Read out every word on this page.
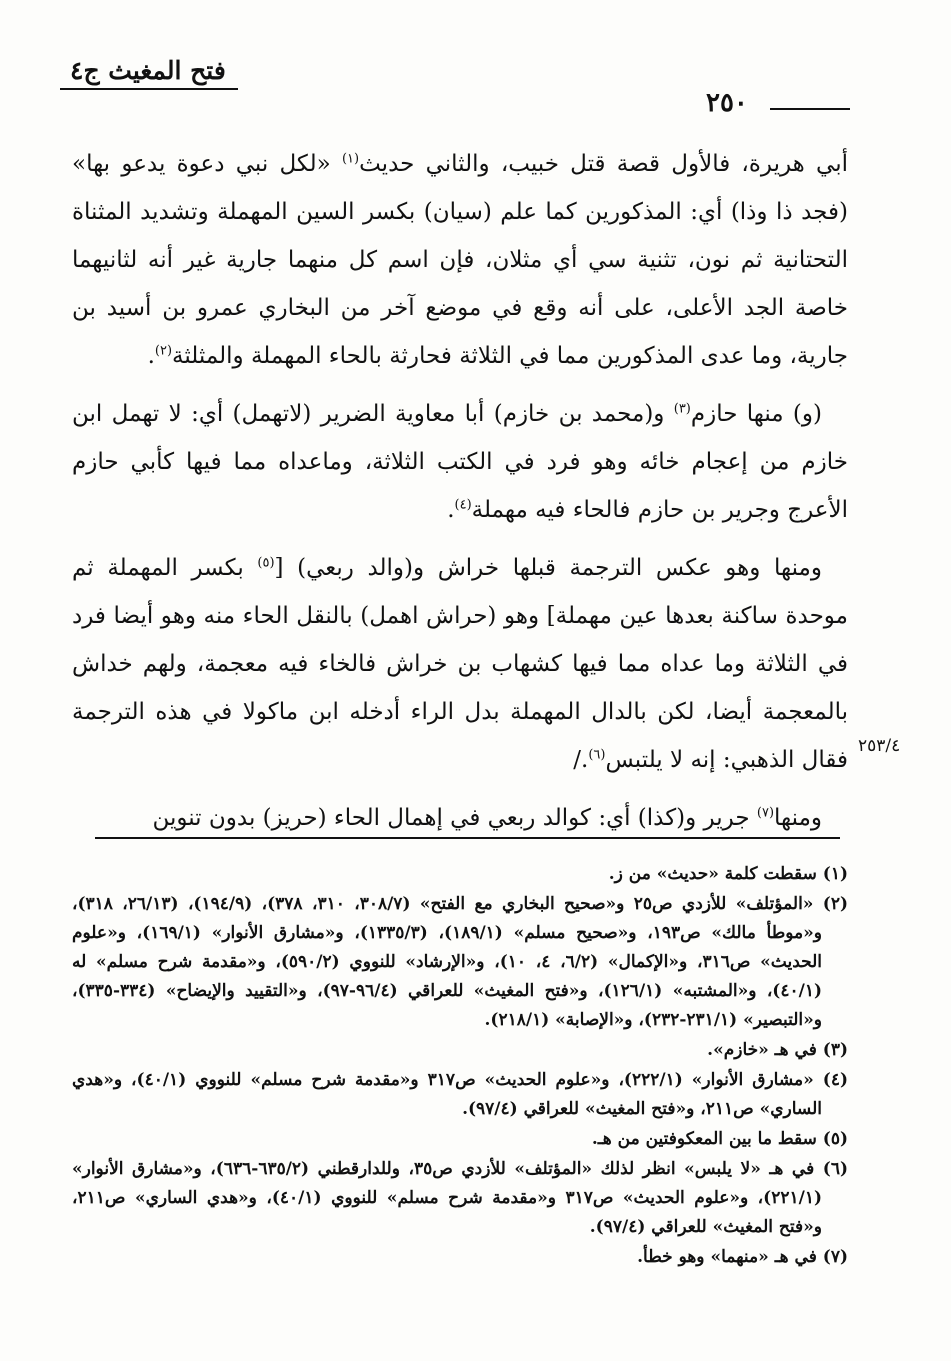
فتح المغيث ج٤
٢٥٠

أبي هريرة، فالأول قصة قتل خبيب، والثاني حديث$^{(١)}$ «لكل نبي دعوة يدعو بها» (فجد ذا وذا) أي: المذكورين كما علم (سيان) بكسر السين المهملة وتشديد المثناة التحتانية ثم نون، تثنية سي أي مثلان، فإن اسم كل منهما جارية غير أنه لثانيهما خاصة الجد الأعلى، على أنه وقع في موضع آخر من البخاري عمرو بن أسيد بن جارية، وما عدى المذكورين مما في الثلاثة فحارثة بالحاء المهملة والمثلثة$^{(٢)}$.

(و) منها حازم$^{(٣)}$ و(محمد بن خازم) أبا معاوية الضرير (لاتهمل) أي: لا تهمل ابن خازم من إعجام خائه وهو فرد في الكتب الثلاثة، وماعداه مما فيها كأبي حازم الأعرج وجرير بن حازم فالحاء فيه مهملة$^{(٤)}$.

ومنها وهو عكس الترجمة قبلها خراش و(والد ربعي) [$^{(٥)}$ بكسر المهملة ثم موحدة ساكنة بعدها عين مهملة] وهو (حراش اهمل) بالنقل الحاء منه وهو أيضا فرد في الثلاثة وما عداه مما فيها كشهاب بن خراش فالخاء فيه معجمة، ولهم خداش بالمعجمة أيضا، لكن بالدال المهملة بدل الراء أدخله ابن ماكولا في هذه الترجمة فقال الذهبي: إنه لا يلتبس$^{(٦)}$./

ومنها$^{(٧)}$ جرير و(كذا) أي: كوالد ربعي في إهمال الحاء (حريز) بدون تنوين

٢٥٣/٤

(١) سقطت كلمة «حديث» من ز.

(٢) «المؤتلف» للأزدي ص٢٥ و«صحيح البخاري مع الفتح» (٣٠٨/٧، ٣١٠، ٣٧٨)، (١٩٤/٩)، (٢٦/١٣، ٣١٨)، و«موطأ مالك» ص١٩٣، و«صحيح مسلم» (١٨٩/١)، (١٣٣٥/٣)، و«مشارق الأنوار» (١٦٩/١)، و«علوم الحديث» ص٣١٦، و«الإكمال» (٦/٢، ٤، ١٠)، و«الإرشاد» للنووي (٥٩٠/٢)، و«مقدمة شرح مسلم» له (٤٠/١)، و«المشتبه» (١٢٦/١)، و«فتح المغيث» للعراقي (٩٦/٤-٩٧)، و«التقييد والإيضاح» (٣٣٤-٣٣٥)، و«التبصير» (٢٣١/١-٢٣٢)، و«الإصابة» (٢١٨/١).

(٣) في هـ «خازم».

(٤) «مشارق الأنوار» (٢٢٢/١)، و«علوم الحديث» ص٣١٧ و«مقدمة شرح مسلم» للنووي (٤٠/١)، و«هدي الساري» ص٢١١، و«فتح المغيث» للعراقي (٩٧/٤).

(٥) سقط ما بين المعكوفتين من هـ.

(٦) في هـ «لا يلبس» انظر لذلك «المؤتلف» للأزدي ص٣٥، وللدارقطني (٦٣٥/٢-٦٣٦)، و«مشارق الأنوار» (٢٢١/١)، و«علوم الحديث» ص٣١٧ و«مقدمة شرح مسلم» للنووي (٤٠/١)، و«هدي الساري» ص٢١١، و«فتح المغيث» للعراقي (٩٧/٤).

(٧) في هـ «منهما» وهو خطأ.
